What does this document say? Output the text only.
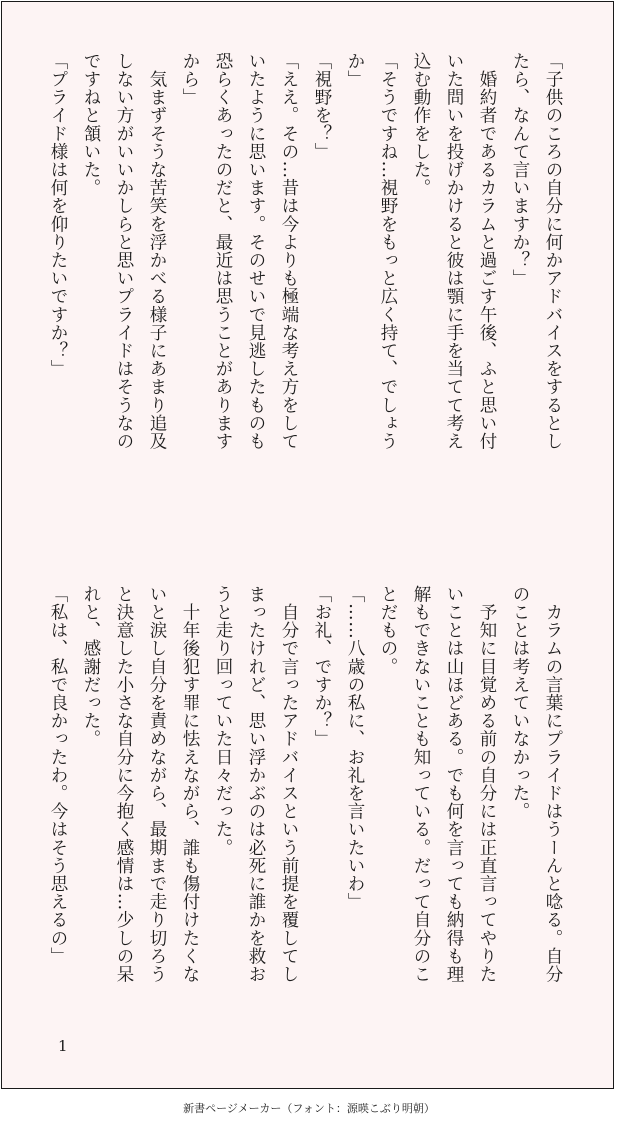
「子供のころの自分に何かアドバイスをするとし

たら、なんて言いますか？」

　婚約者であるカラムと過ごす午後、ふと思い付

いた問いを投げかけると彼は顎に手を当てて考え

込む動作をした。

「そうですね…視野をもっと広く持て、でしょう

か」

「視野を？」

「ええ。その…昔は今よりも極端な考え方をして

いたように思います。そのせいで見逃したものも

恐らくあったのだと、最近は思うことがあります

から」

　気まずそうな苦笑を浮かべる様子にあまり追及

しない方がいいかしらと思いプライドはそうなの

ですねと頷いた。

「プライド様は何を仰りたいですか？」

　カラムの言葉にプライドはうーんと唸る。自分

のことは考えていなかった。

　予知に目覚める前の自分には正直言ってやりた

いことは山ほどある。でも何を言っても納得も理

解もできないことも知っている。だって自分のこ

とだもの。

「……八歳の私に、お礼を言いたいわ」

「お礼、ですか？」

　自分で言ったアドバイスという前提を覆してし

まったけれど、思い浮かぶのは必死に誰かを救お

うと走り回っていた日々だった。

　十年後犯す罪に怯えながら、誰も傷付けたくな

いと涙し自分を責めながら、最期まで走り切ろう

と決意した小さな自分に今抱く感情は…少しの呆

れと、感謝だった。

「私は、私で良かったわ。今はそう思えるの」

1
新書ページメーカー（フォント：源暎こぶり明朝）
